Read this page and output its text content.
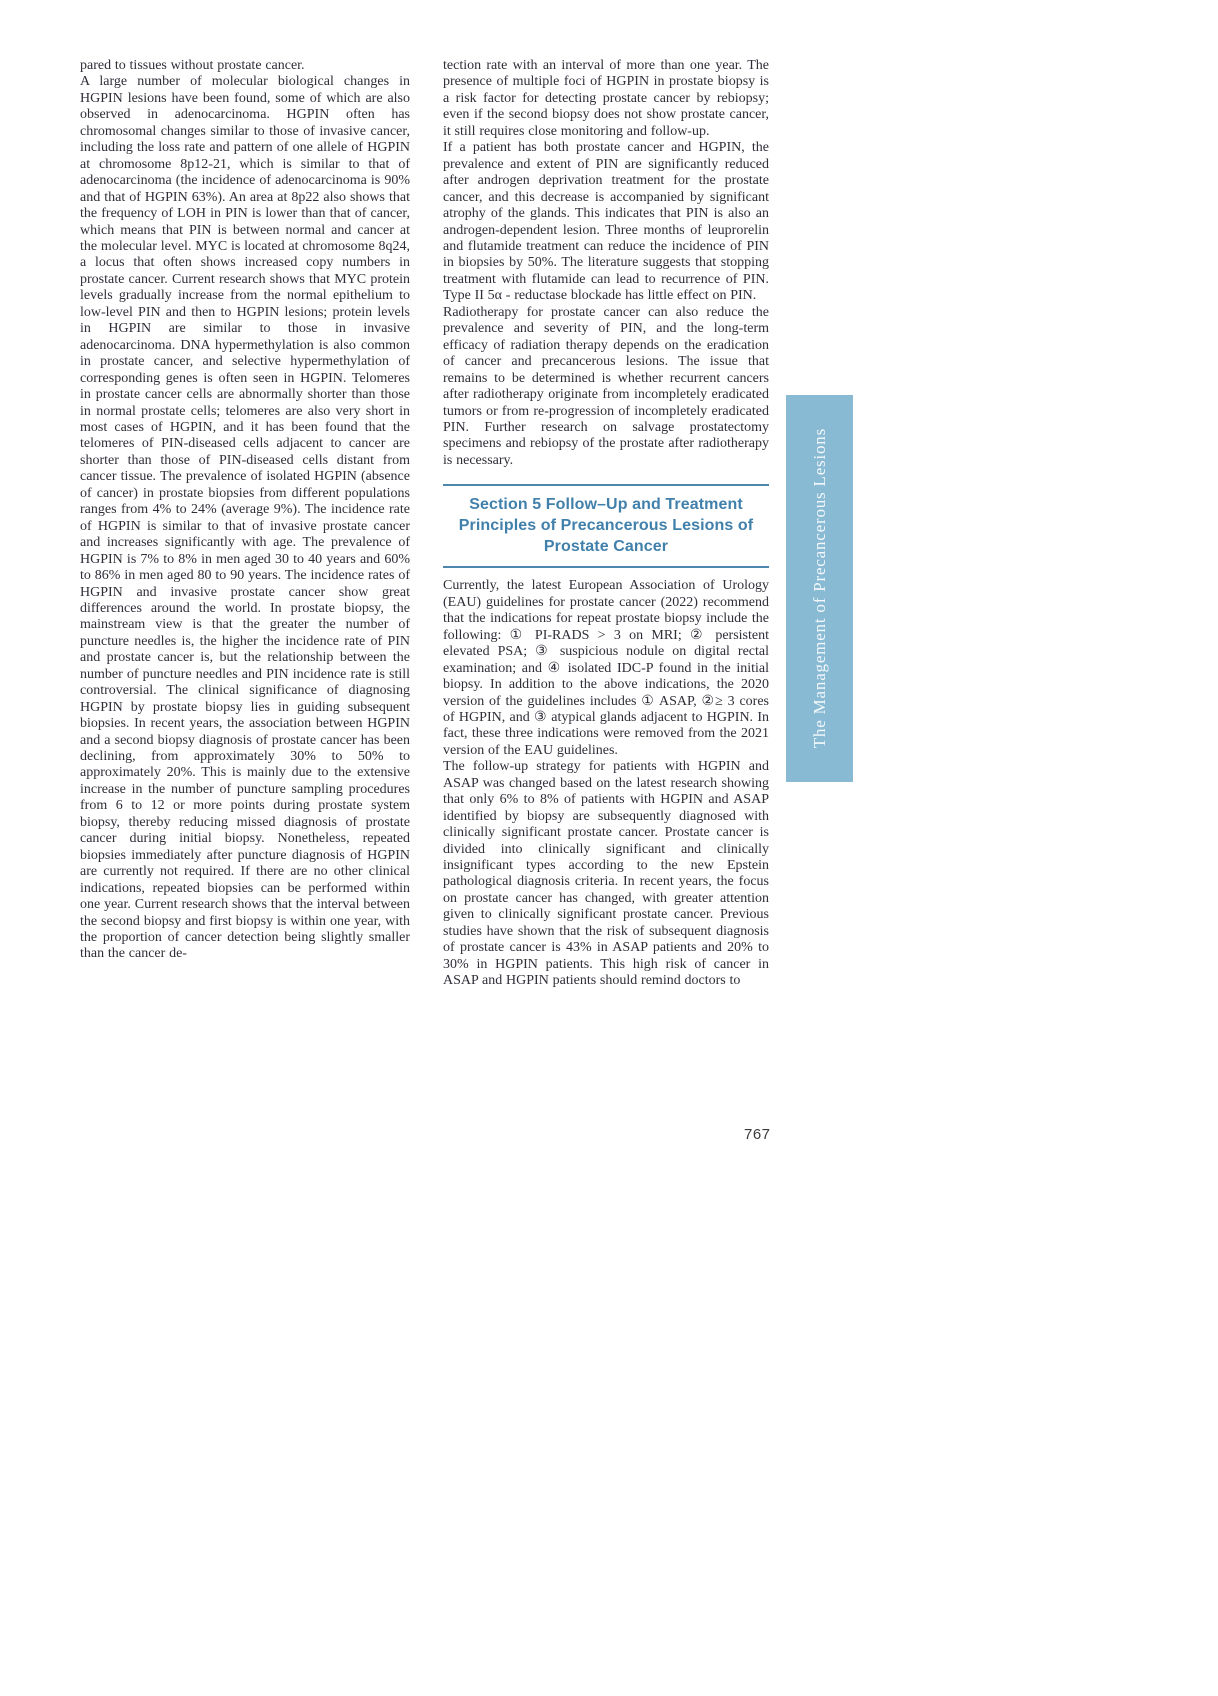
pared to tissues without prostate cancer.

A large number of molecular biological changes in HGPIN lesions have been found, some of which are also observed in adenocarcinoma. HGPIN often has chromosomal changes similar to those of invasive cancer, including the loss rate and pattern of one allele of HGPIN at chromosome 8p12-21, which is similar to that of adenocarcinoma (the incidence of adenocarcinoma is 90% and that of HGPIN 63%). An area at 8p22 also shows that the frequency of LOH in PIN is lower than that of cancer, which means that PIN is between normal and cancer at the molecular level. MYC is located at chromosome 8q24, a locus that often shows increased copy numbers in prostate cancer. Current research shows that MYC protein levels gradually increase from the normal epithelium to low-level PIN and then to HGPIN lesions; protein levels in HGPIN are similar to those in invasive adenocarcinoma. DNA hypermethylation is also common in prostate cancer, and selective hypermethylation of corresponding genes is often seen in HGPIN. Telomeres in prostate cancer cells are abnormally shorter than those in normal prostate cells; telomeres are also very short in most cases of HGPIN, and it has been found that the telomeres of PIN-diseased cells adjacent to cancer are shorter than those of PIN-diseased cells distant from cancer tissue. The prevalence of isolated HGPIN (absence of cancer) in prostate biopsies from different populations ranges from 4% to 24% (average 9%). The incidence rate of HGPIN is similar to that of invasive prostate cancer and increases significantly with age. The prevalence of HGPIN is 7% to 8% in men aged 30 to 40 years and 60% to 86% in men aged 80 to 90 years. The incidence rates of HGPIN and invasive prostate cancer show great differences around the world. In prostate biopsy, the mainstream view is that the greater the number of puncture needles is, the higher the incidence rate of PIN and prostate cancer is, but the relationship between the number of puncture needles and PIN incidence rate is still controversial. The clinical significance of diagnosing HGPIN by prostate biopsy lies in guiding subsequent biopsies. In recent years, the association between HGPIN and a second biopsy diagnosis of prostate cancer has been declining, from approximately 30% to 50% to approximately 20%. This is mainly due to the extensive increase in the number of puncture sampling procedures from 6 to 12 or more points during prostate system biopsy, thereby reducing missed diagnosis of prostate cancer during initial biopsy. Nonetheless, repeated biopsies immediately after puncture diagnosis of HGPIN are currently not required. If there are no other clinical indications, repeated biopsies can be performed within one year. Current research shows that the interval between the second biopsy and first biopsy is within one year, with the proportion of cancer detection being slightly smaller than the cancer de-

tection rate with an interval of more than one year. The presence of multiple foci of HGPIN in prostate biopsy is a risk factor for detecting prostate cancer by rebiopsy; even if the second biopsy does not show prostate cancer, it still requires close monitoring and follow-up.

If a patient has both prostate cancer and HGPIN, the prevalence and extent of PIN are significantly reduced after androgen deprivation treatment for the prostate cancer, and this decrease is accompanied by significant atrophy of the glands. This indicates that PIN is also an androgen-dependent lesion. Three months of leuprorelin and flutamide treatment can reduce the incidence of PIN in biopsies by 50%. The literature suggests that stopping treatment with flutamide can lead to recurrence of PIN. Type II 5α - reductase blockade has little effect on PIN.

Radiotherapy for prostate cancer can also reduce the prevalence and severity of PIN, and the long-term efficacy of radiation therapy depends on the eradication of cancer and precancerous lesions. The issue that remains to be determined is whether recurrent cancers after radiotherapy originate from incompletely eradicated tumors or from re-progression of incompletely eradicated PIN. Further research on salvage prostatectomy specimens and rebiopsy of the prostate after radiotherapy is necessary.

Section 5 Follow–Up and Treatment Principles of Precancerous Lesions of Prostate Cancer

Currently, the latest European Association of Urology (EAU) guidelines for prostate cancer (2022) recommend that the indications for repeat prostate biopsy include the following: ① PI-RADS > 3 on MRI; ② persistent elevated PSA; ③ suspicious nodule on digital rectal examination; and ④ isolated IDC-P found in the initial biopsy. In addition to the above indications, the 2020 version of the guidelines includes ① ASAP, ②≥ 3 cores of HGPIN, and ③ atypical glands adjacent to HGPIN. In fact, these three indications were removed from the 2021 version of the EAU guidelines.

The follow-up strategy for patients with HGPIN and ASAP was changed based on the latest research showing that only 6% to 8% of patients with HGPIN and ASAP identified by biopsy are subsequently diagnosed with clinically significant prostate cancer. Prostate cancer is divided into clinically significant and clinically insignificant types according to the new Epstein pathological diagnosis criteria. In recent years, the focus on prostate cancer has changed, with greater attention given to clinically significant prostate cancer. Previous studies have shown that the risk of subsequent diagnosis of prostate cancer is 43% in ASAP patients and 20% to 30% in HGPIN patients. This high risk of cancer in ASAP and HGPIN patients should remind doctors to

The Management of Precancerous Lesions
767
